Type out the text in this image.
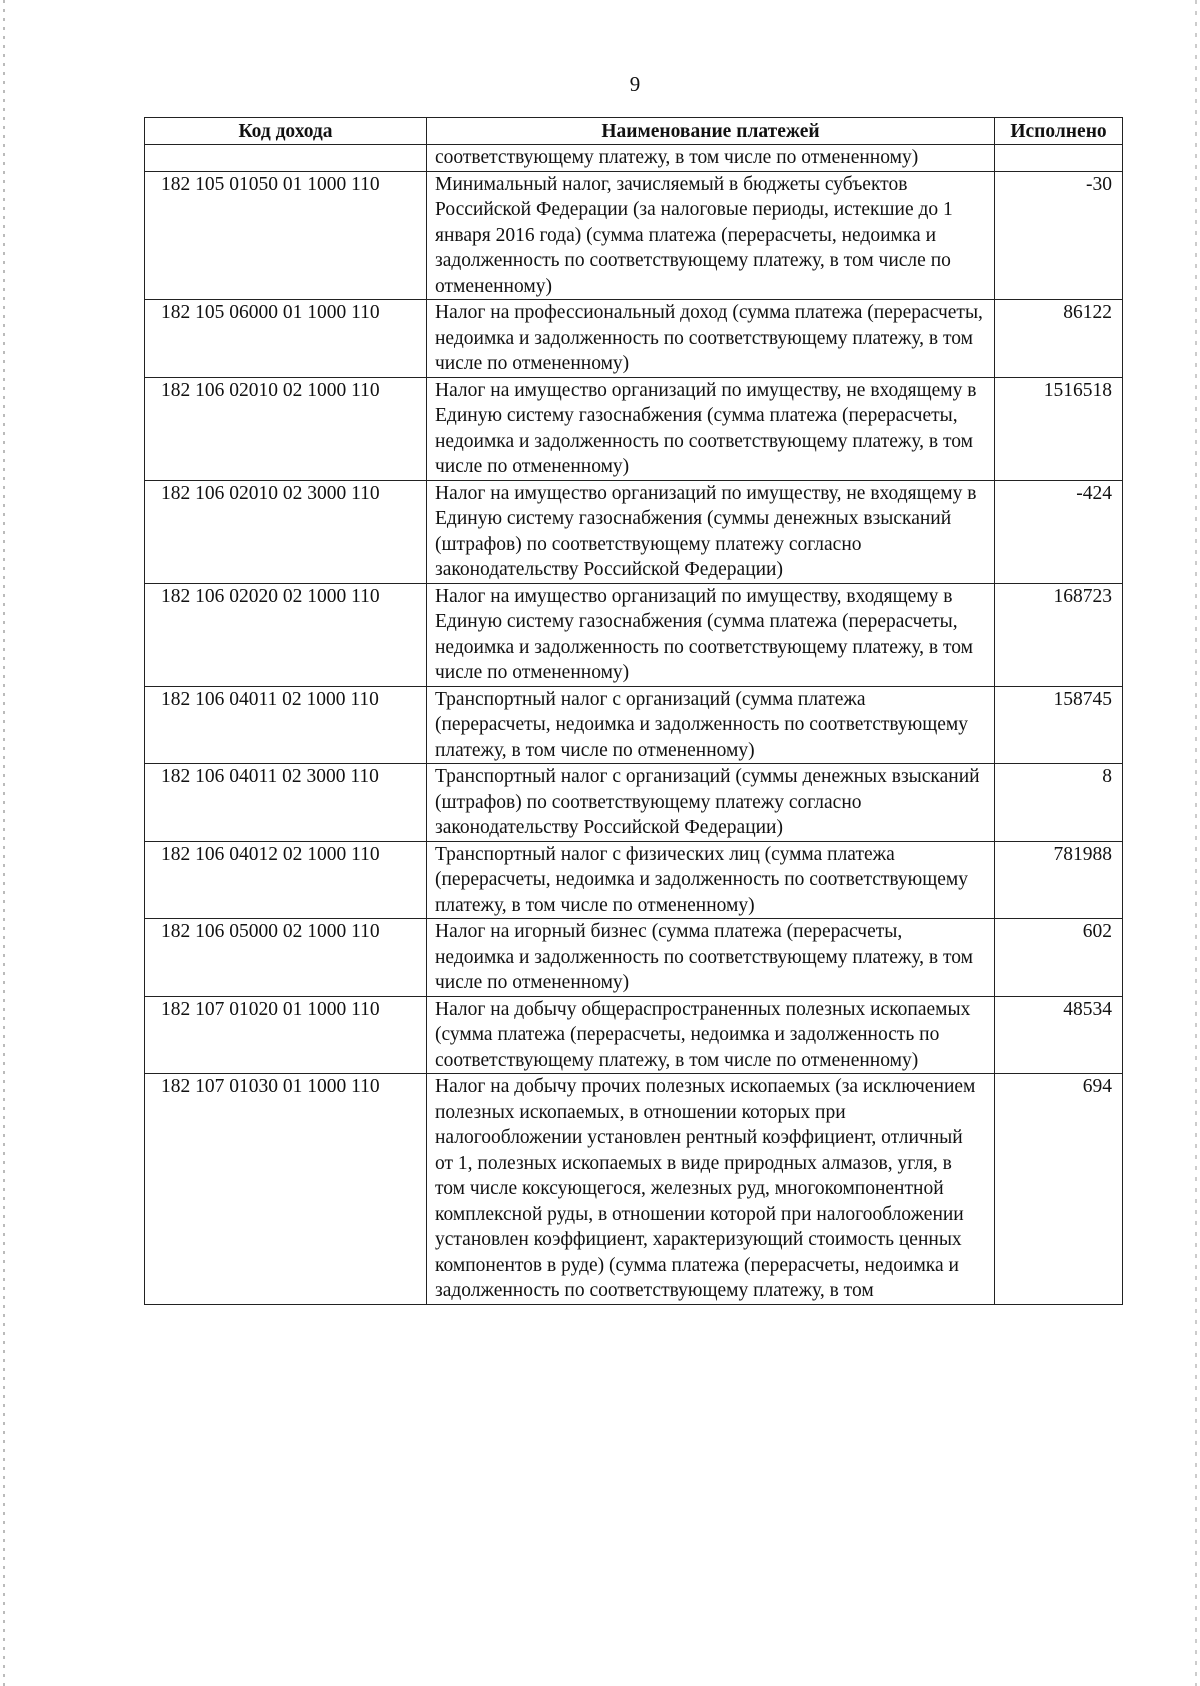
9
Код дохода	Наименование платежей	Исполнено
	соответствующему платежу, в том числе по отмененному)	
182 105 01050 01 1000 110	Минимальный налог, зачисляемый в бюджеты субъектов Российской Федерации (за налоговые периоды, истекшие до 1 января 2016 года) (сумма платежа (перерасчеты, недоимка и задолженность по соответствующему платежу, в том числе по отмененному)	-30
182 105 06000 01 1000 110	Налог на профессиональный доход (сумма платежа (перерасчеты, недоимка и задолженность по соответствующему платежу, в том числе по отмененному)	86122
182 106 02010 02 1000 110	Налог на имущество организаций по имуществу, не входящему в Единую систему газоснабжения (сумма платежа (перерасчеты, недоимка и задолженность по соответствующему платежу, в том числе по отмененному)	1516518
182 106 02010 02 3000 110	Налог на имущество организаций по имуществу, не входящему в Единую систему газоснабжения (суммы денежных взысканий (штрафов) по соответствующему платежу согласно законодательству Российской Федерации)	-424
182 106 02020 02 1000 110	Налог на имущество организаций по имуществу, входящему в Единую систему газоснабжения (сумма платежа (перерасчеты, недоимка и задолженность по соответствующему платежу, в том числе по отмененному)	168723
182 106 04011 02 1000 110	Транспортный налог с организаций (сумма платежа (перерасчеты, недоимка и задолженность по соответствующему платежу, в том числе по отмененному)	158745
182 106 04011 02 3000 110	Транспортный налог с организаций (суммы денежных взысканий (штрафов) по соответствующему платежу согласно законодательству Российской Федерации)	8
182 106 04012 02 1000 110	Транспортный налог с физических лиц (сумма платежа (перерасчеты, недоимка и задолженность по соответствующему платежу, в том числе по отмененному)	781988
182 106 05000 02 1000 110	Налог на игорный бизнес (сумма платежа (перерасчеты, недоимка и задолженность по соответствующему платежу, в том числе по отмененному)	602
182 107 01020 01 1000 110	Налог на добычу общераспространенных полезных ископаемых (сумма платежа (перерасчеты, недоимка и задолженность по соответствующему платежу, в том числе по отмененному)	48534
182 107 01030 01 1000 110	Налог на добычу прочих полезных ископаемых (за исключением полезных ископаемых, в отношении которых при налогообложении установлен рентный коэффициент, отличный от 1, полезных ископаемых в виде природных алмазов, угля, в том числе коксующегося, железных руд, многокомпонентной комплексной руды, в отношении которой при налогообложении установлен коэффициент, характеризующий стоимость ценных компонентов в руде) (сумма платежа (перерасчеты, недоимка и задолженность по соответствующему платежу, в том	694
